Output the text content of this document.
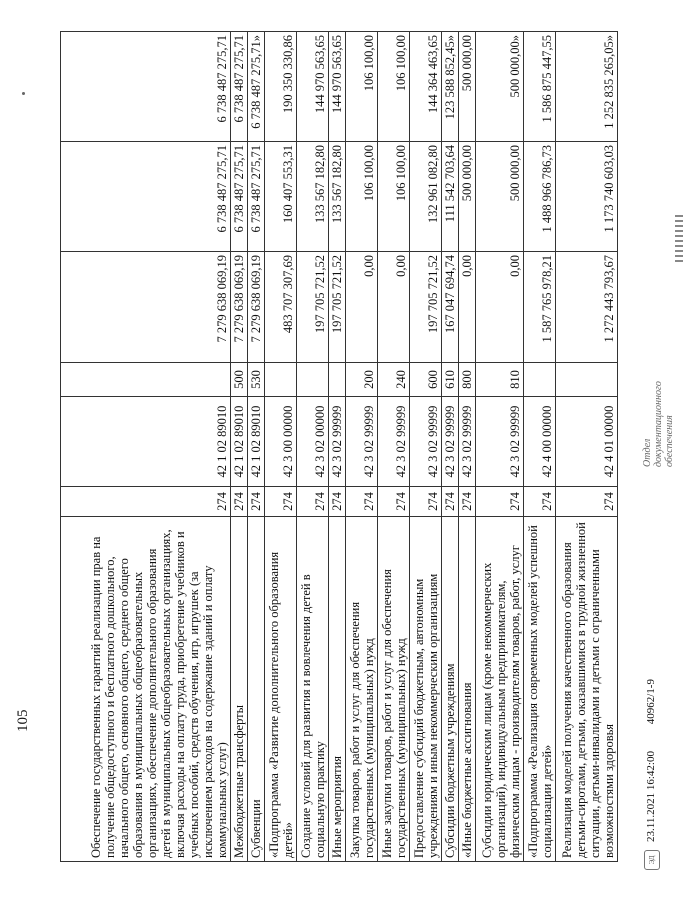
105	Обеспечение государственных гарантий реализации прав на получение общедоступного и бесплатного дошкольного, начального общего, основного общего, среднего общего образования в муниципальных общеобразовательных организациях, обеспечение дополнительного образования детей в муниципальных общеобразовательных организациях, включая расходы на оплату труда, приобретение учебников и учебных пособий, средств обучения, игр, игрушек (за исключением расходов на содержание зданий и оплату коммунальных услуг)	274	42 1 02 89010		7 279 638 069,19	6 738 487 275,71	6 738 487 275,71
Межбюджетные трансферты	274	42 1 02 89010	500	7 279 638 069,19	6 738 487 275,71	6 738 487 275,71
Субвенции	274	42 1 02 89010	530	7 279 638 069,19	6 738 487 275,71	6 738 487 275,71»
«Подпрограмма «Развитие дополнительного образования детей»	274	42 3 00 00000		483 707 307,69	160 407 553,31	190 350 330,86
Создание условий для развития и вовлечения детей в социальную практику	274	42 3 02 00000		197 705 721,52	133 567 182,80	144 970 563,65
Иные мероприятия	274	42 3 02 99999		197 705 721,52	133 567 182,80	144 970 563,65
Закупка товаров, работ и услуг для обеспечения государственных (муниципальных) нужд	274	42 3 02 99999	200	0,00	106 100,00	106 100,00
Иные закупки товаров, работ и услуг для обеспечения государственных (муниципальных) нужд	274	42 3 02 99999	240	0,00	106 100,00	106 100,00
Предоставление субсидий бюджетным, автономным учреждениям и иным некоммерческим организациям	274	42 3 02 99999	600	197 705 721,52	132 961 082,80	144 364 463,65
Субсидии бюджетным учреждениям	274	42 3 02 99999	610	167 047 694,74	111 542 703,64	123 588 852,45»
«Иные бюджетные ассигнования	274	42 3 02 99999	800	0,00	500 000,00	500 000,00
Субсидии юридическим лицам (кроме некоммерческих организаций), индивидуальным предпринимателям, физическим лицам - производителям товаров, работ, услуг	274	42 3 02 99999	810	0,00	500 000,00	500 000,00»
«Подпрограмма «Реализация современных моделей успешной социализации детей»	274	42 4 00 00000		1 587 765 978,21	1 488 966 786,73	1 586 875 447,55
Реализация моделей получения качественного образования детьми-сиротами, детьми, оказавшимися в трудной жизненной ситуации, детьми-инвалидами и детьми с ограниченными возможностями здоровья	274	42 4 01 00000		1 272 443 793,67	1 173 740 603,03	1 252 835 265,05»
ЭД
23.11.2021 16:42:00 40962/1-9
Отдел документационного обеспечения
